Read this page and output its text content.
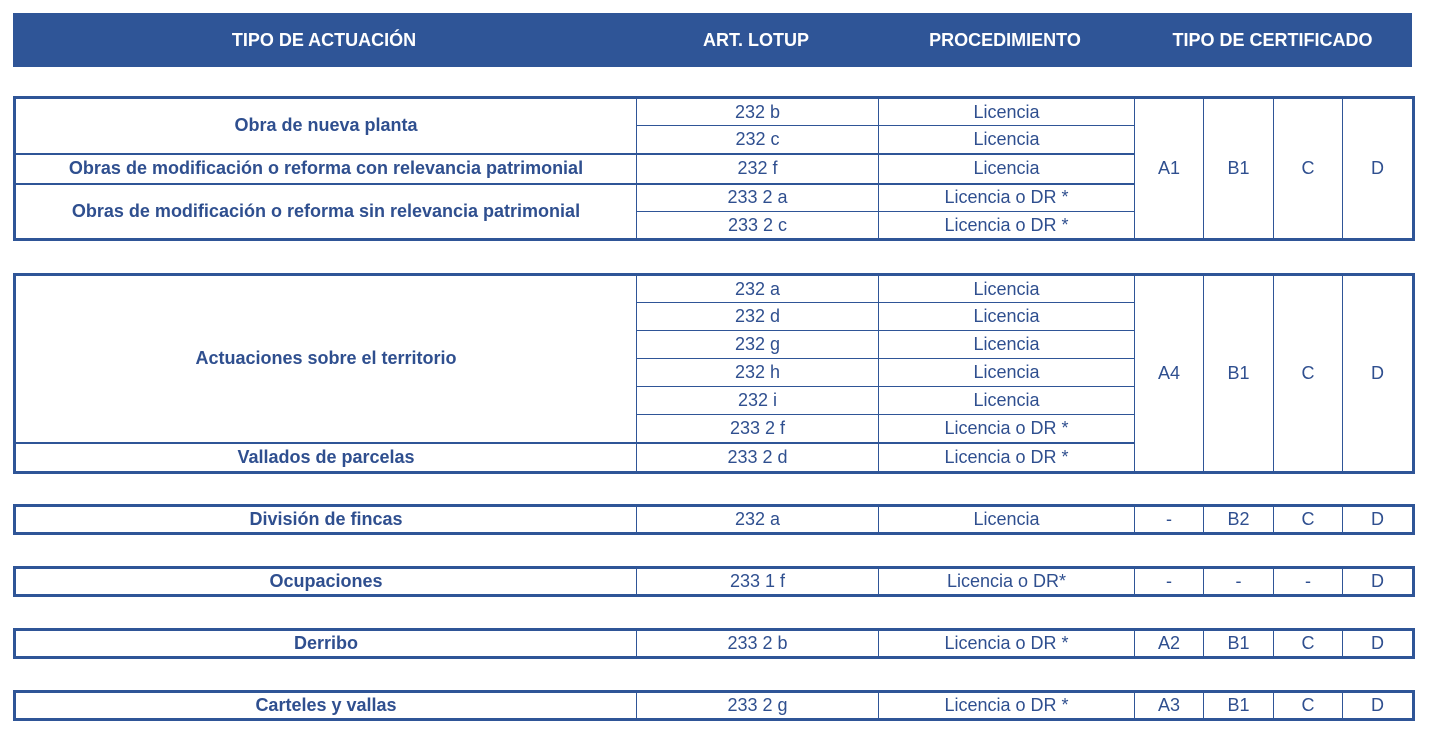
TIPO DE ACTUACIÓN	ART. LOTUP	PROCEDIMIENTO	TIPO DE CERTIFICADO
Obra de nueva planta	232 b	Licencia	A1	B1	C	D
	232 c	Licencia				
Obras de modificación o reforma con relevancia patrimonial	232 f	Licencia				
Obras de modificación o reforma sin relevancia patrimonial	233 2 a	Licencia o DR *				
	233 2 c	Licencia o DR *				
Actuaciones sobre el territorio	232 a	Licencia	A4	B1	C	D
	232 d	Licencia				
	232 g	Licencia				
	232 h	Licencia				
	232 i	Licencia				
	233 2 f	Licencia o DR *				
Vallados de parcelas	233 2 d	Licencia o DR *				
División de fincas	232 a	Licencia	-	B2	C	D
Ocupaciones	233 1 f	Licencia o DR*	-	-	-	D
Derribo	233 2 b	Licencia o DR *	A2	B1	C	D
Carteles y vallas	233 2 g	Licencia o DR *	A3	B1	C	D
